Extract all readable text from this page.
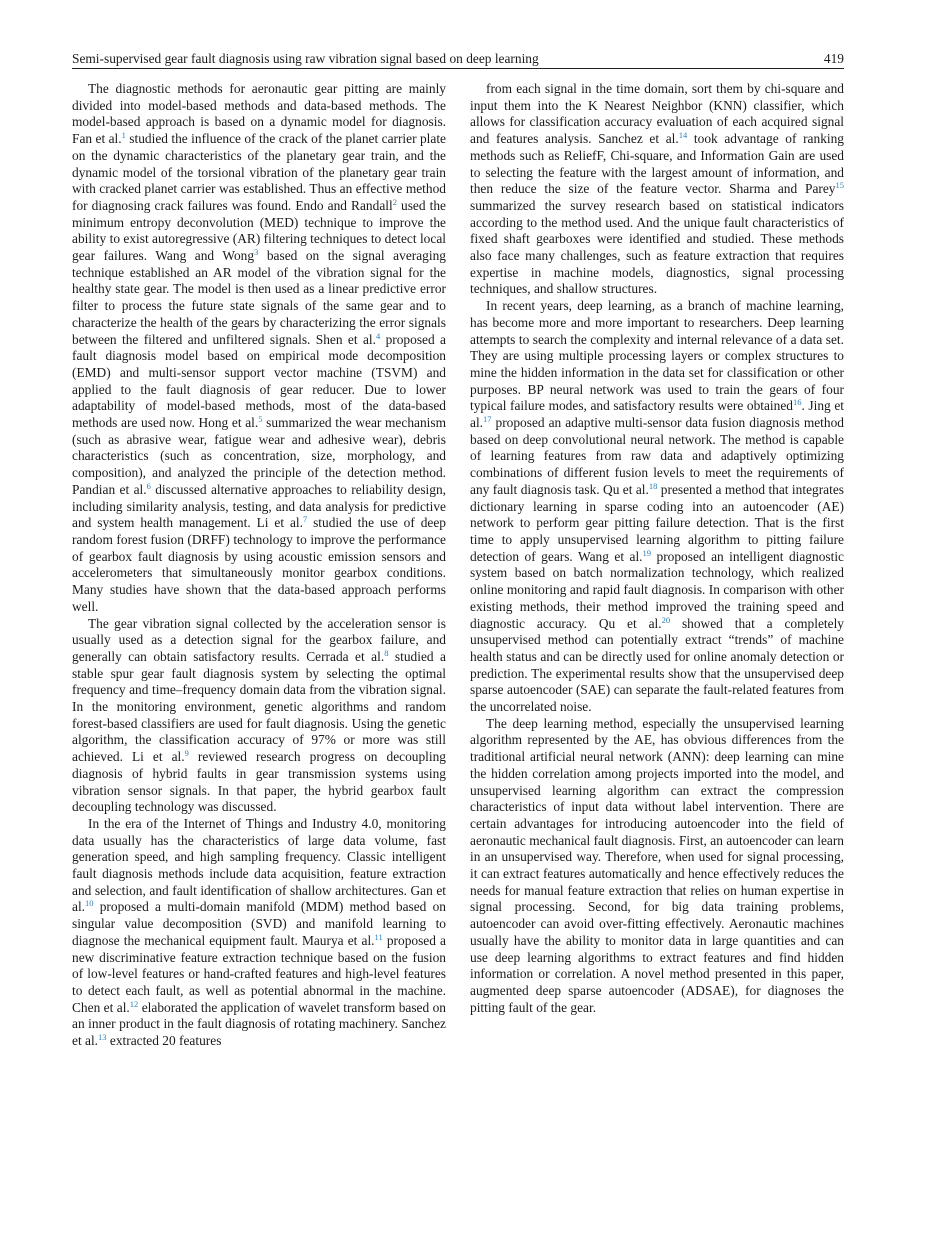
Semi-supervised gear fault diagnosis using raw vibration signal based on deep learning	419

The diagnostic methods for aeronautic gear pitting are mainly divided into model-based methods and data-based methods. The model-based approach is based on a dynamic model for diagnosis. Fan et al.$^1$ studied the influence of the crack of the planet carrier plate on the dynamic characteristics of the planetary gear train, and the dynamic model of the torsional vibration of the planetary gear train with cracked planet carrier was established. Thus an effective method for diagnosing crack failures was found. Endo and Randall$^2$ used the minimum entropy deconvolution (MED) technique to improve the ability to exist autoregressive (AR) filtering techniques to detect local gear failures. Wang and Wong$^3$ based on the signal averaging technique established an AR model of the vibration signal for the healthy state gear. The model is then used as a linear predictive error filter to process the future state signals of the same gear and to characterize the health of the gears by characterizing the error signals between the filtered and unfiltered signals. Shen et al.$^4$ proposed a fault diagnosis model based on empirical mode decomposition (EMD) and multi-sensor support vector machine (TSVM) and applied to the fault diagnosis of gear reducer. Due to lower adaptability of model-based methods, most of the data-based methods are used now. Hong et al.$^5$ summarized the wear mechanism (such as abrasive wear, fatigue wear and adhesive wear), debris characteristics (such as concentration, size, morphology, and composition), and analyzed the principle of the detection method. Pandian et al.$^6$ discussed alternative approaches to reliability design, including similarity analysis, testing, and data analysis for predictive and system health management. Li et al.$^7$ studied the use of deep random forest fusion (DRFF) technology to improve the performance of gearbox fault diagnosis by using acoustic emission sensors and accelerometers that simultaneously monitor gearbox conditions. Many studies have shown that the data-based approach performs well.

The gear vibration signal collected by the acceleration sensor is usually used as a detection signal for the gearbox failure, and generally can obtain satisfactory results. Cerrada et al.$^8$ studied a stable spur gear fault diagnosis system by selecting the optimal frequency and time–frequency domain data from the vibration signal. In the monitoring environment, genetic algorithms and random forest-based classifiers are used for fault diagnosis. Using the genetic algorithm, the classification accuracy of 97% or more was still achieved. Li et al.$^9$ reviewed research progress on decoupling diagnosis of hybrid faults in gear transmission systems using vibration sensor signals. In that paper, the hybrid gearbox fault decoupling technology was discussed.

In the era of the Internet of Things and Industry 4.0, monitoring data usually has the characteristics of large data volume, fast generation speed, and high sampling frequency. Classic intelligent fault diagnosis methods include data acquisition, feature extraction and selection, and fault identification of shallow architectures. Gan et al.$^{10}$ proposed a multi-domain manifold (MDM) method based on singular value decomposition (SVD) and manifold learning to diagnose the mechanical equipment fault. Maurya et al.$^{11}$ proposed a new discriminative feature extraction technique based on the fusion of low-level features or hand-crafted features and high-level features to detect each fault, as well as potential abnormal in the machine. Chen et al.$^{12}$ elaborated the application of wavelet transform based on an inner product in the fault diagnosis of rotating machinery. Sanchez et al.$^{13}$ extracted 20 features

from each signal in the time domain, sort them by chi-square and input them into the K Nearest Neighbor (KNN) classifier, which allows for classification accuracy evaluation of each acquired signal and features analysis. Sanchez et al.$^{14}$ took advantage of ranking methods such as ReliefF, Chi-square, and Information Gain are used to selecting the feature with the largest amount of information, and then reduce the size of the feature vector. Sharma and Parey$^{15}$ summarized the survey research based on statistical indicators according to the method used. And the unique fault characteristics of fixed shaft gearboxes were identified and studied. These methods also face many challenges, such as feature extraction that requires expertise in machine models, diagnostics, signal processing techniques, and shallow structures.

In recent years, deep learning, as a branch of machine learning, has become more and more important to researchers. Deep learning attempts to search the complexity and internal relevance of a data set. They are using multiple processing layers or complex structures to mine the hidden information in the data set for classification or other purposes. BP neural network was used to train the gears of four typical failure modes, and satisfactory results were obtained$^{16}$. Jing et al.$^{17}$ proposed an adaptive multi-sensor data fusion diagnosis method based on deep convolutional neural network. The method is capable of learning features from raw data and adaptively optimizing combinations of different fusion levels to meet the requirements of any fault diagnosis task. Qu et al.$^{18}$ presented a method that integrates dictionary learning in sparse coding into an autoencoder (AE) network to perform gear pitting failure detection. That is the first time to apply unsupervised learning algorithm to pitting failure detection of gears. Wang et al.$^{19}$ proposed an intelligent diagnostic system based on batch normalization technology, which realized online monitoring and rapid fault diagnosis. In comparison with other existing methods, their method improved the training speed and diagnostic accuracy. Qu et al.$^{20}$ showed that a completely unsupervised method can potentially extract “trends” of machine health status and can be directly used for online anomaly detection or prediction. The experimental results show that the unsupervised deep sparse autoencoder (SAE) can separate the fault-related features from the uncorrelated noise.

The deep learning method, especially the unsupervised learning algorithm represented by the AE, has obvious differences from the traditional artificial neural network (ANN): deep learning can mine the hidden correlation among projects imported into the model, and unsupervised learning algorithm can extract the compression characteristics of input data without label intervention. There are certain advantages for introducing autoencoder into the field of aeronautic mechanical fault diagnosis. First, an autoencoder can learn in an unsupervised way. Therefore, when used for signal processing, it can extract features automatically and hence effectively reduces the needs for manual feature extraction that relies on human expertise in signal processing. Second, for big data training problems, autoencoder can avoid over-fitting effectively. Aeronautic machines usually have the ability to monitor data in large quantities and can use deep learning algorithms to extract features and find hidden information or correlation. A novel method presented in this paper, augmented deep sparse autoencoder (ADSAE), for diagnoses the pitting fault of the gear.
